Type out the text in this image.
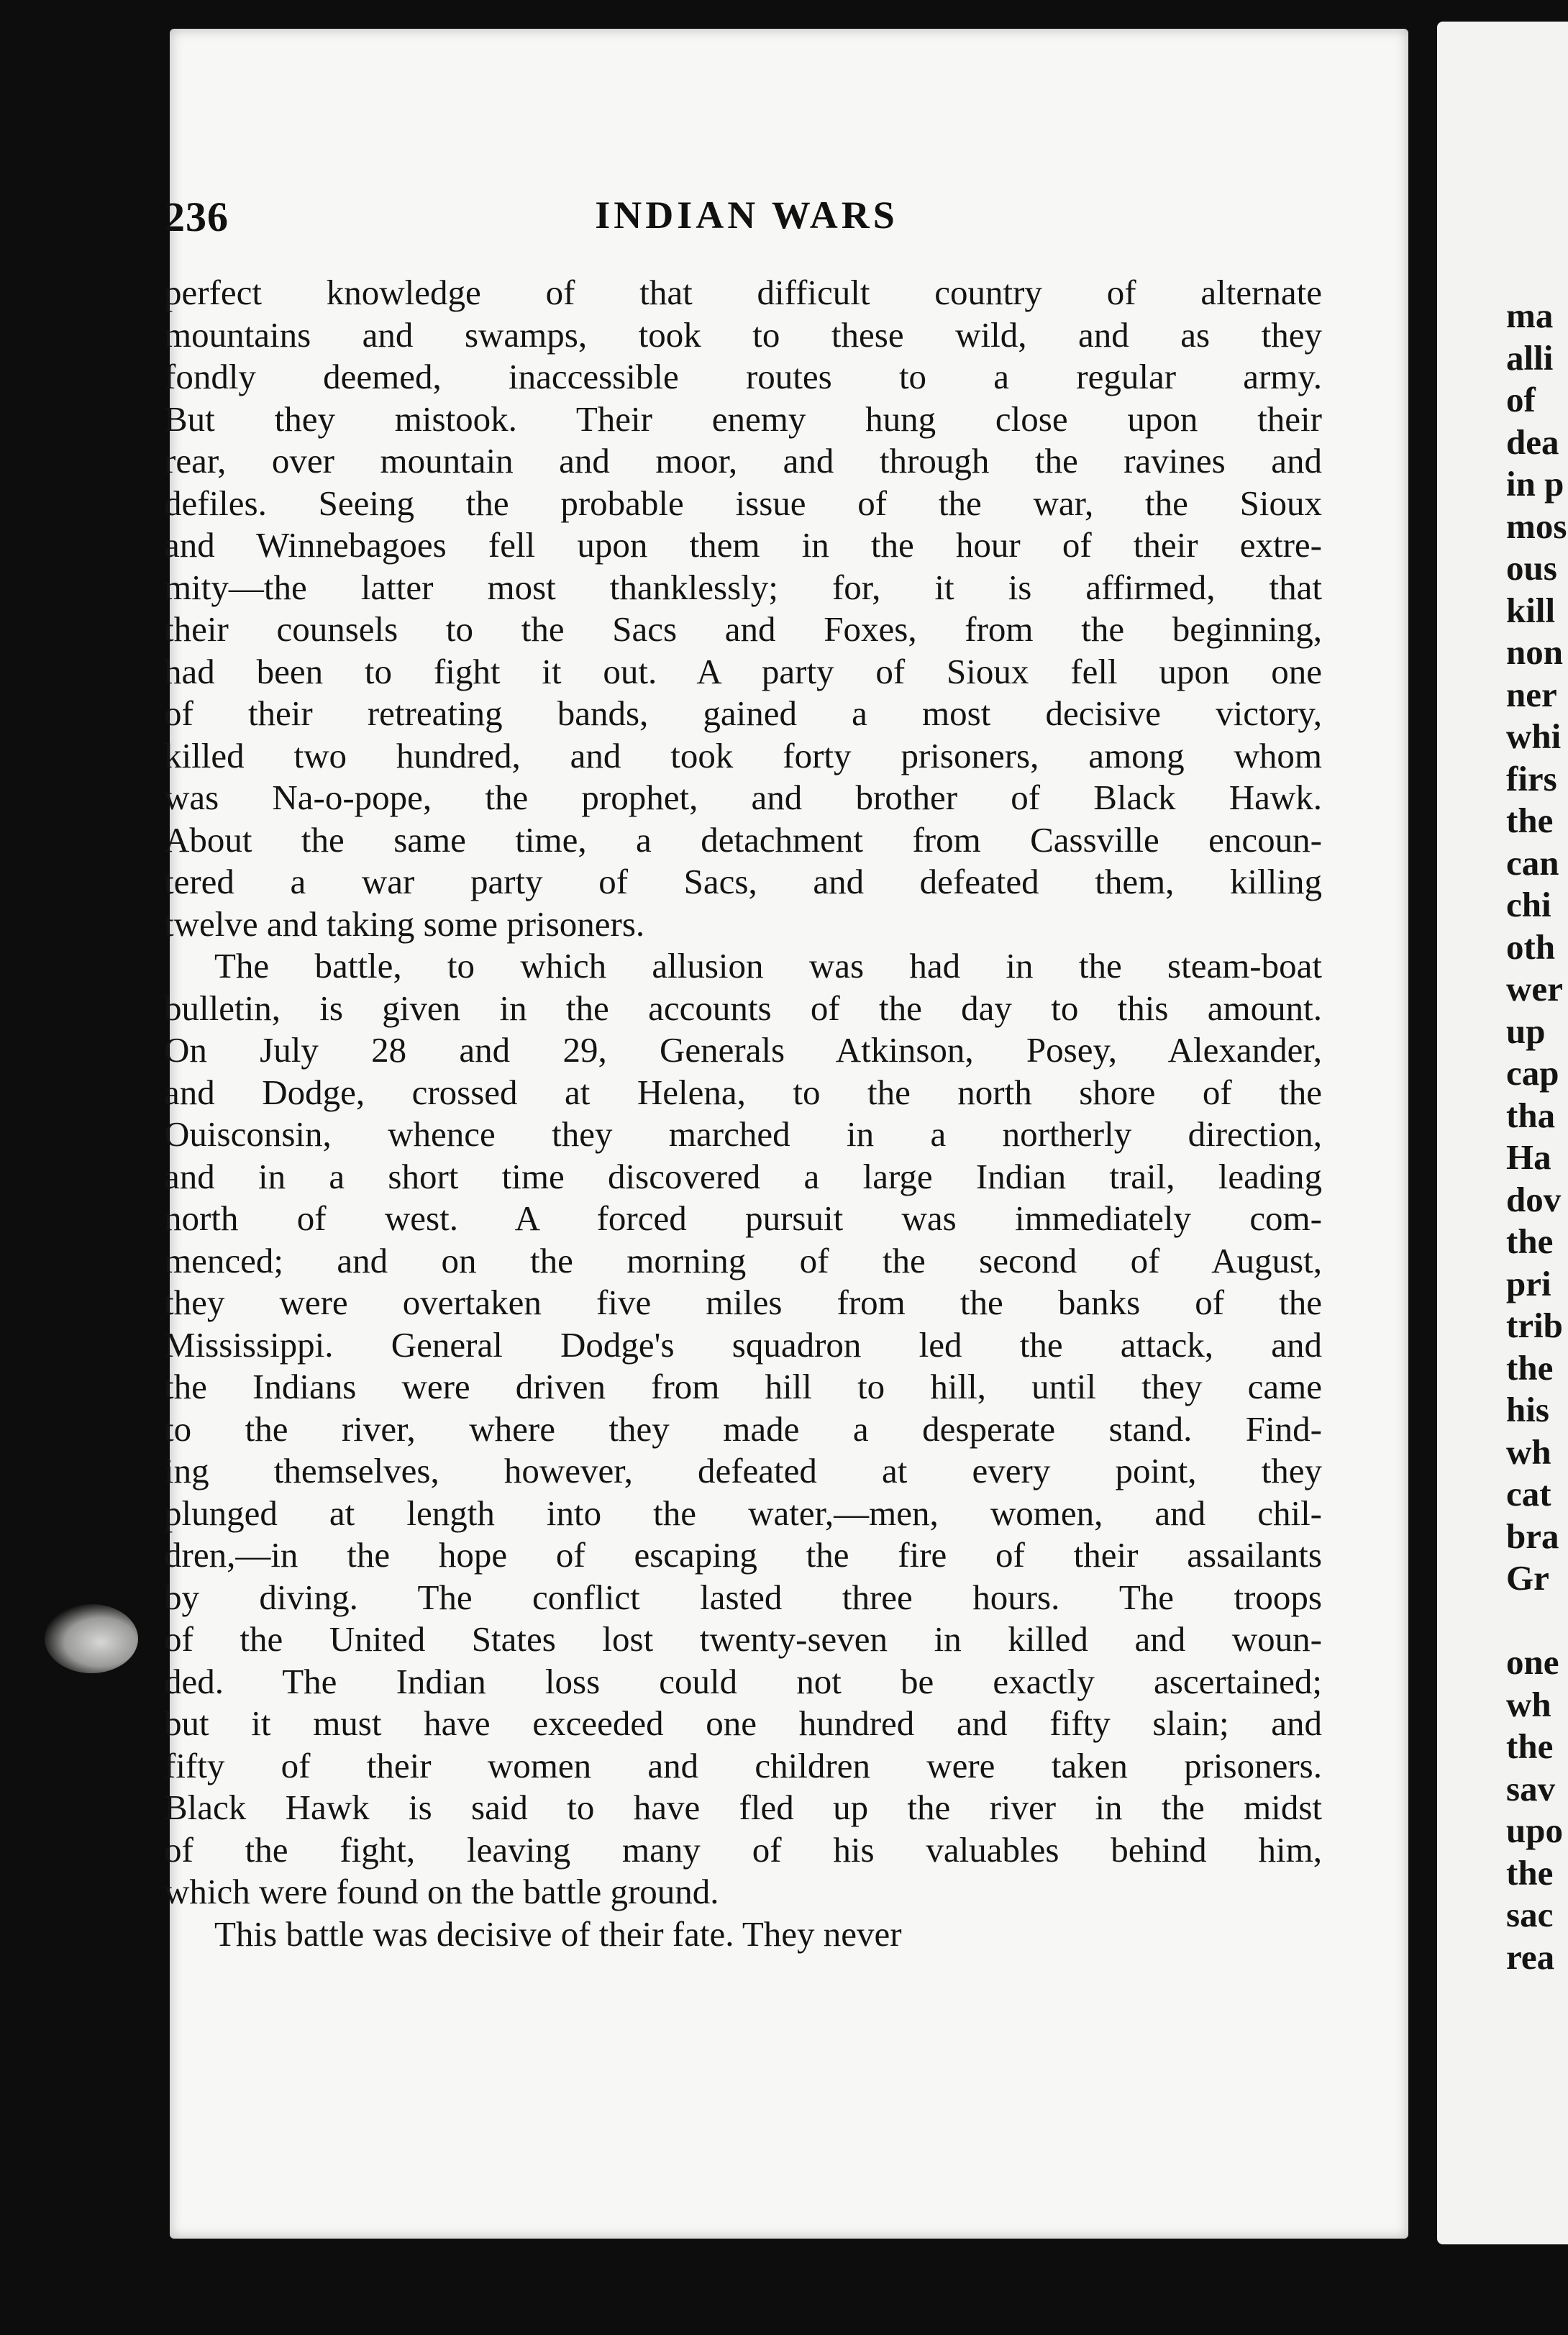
236	INDIAN WARS
perfect knowledge of that difficult country of alternate
mountains and swamps, took to these wild, and as they
fondly deemed, inaccessible routes to a regular army.
But they mistook. Their enemy hung close upon their
rear, over mountain and moor, and through the ravines and
defiles. Seeing the probable issue of the war, the Sioux
and Winnebagoes fell upon them in the hour of their extre-
mity—the latter most thanklessly; for, it is affirmed, that
their counsels to the Sacs and Foxes, from the beginning,
had been to fight it out. A party of Sioux fell upon one
of their retreating bands, gained a most decisive victory,
killed two hundred, and took forty prisoners, among whom
was Na-o-pope, the prophet, and brother of Black Hawk.
About the same time, a detachment from Cassville encoun-
tered a war party of Sacs, and defeated them, killing
twelve and taking some prisoners.
The battle, to which allusion was had in the steam-boat
bulletin, is given in the accounts of the day to this amount.
On July 28 and 29, Generals Atkinson, Posey, Alexander,
and Dodge, crossed at Helena, to the north shore of the
Ouisconsin, whence they marched in a northerly direction,
and in a short time discovered a large Indian trail, leading
north of west. A forced pursuit was immediately com-
menced; and on the morning of the second of August,
they were overtaken five miles from the banks of the
Mississippi. General Dodge's squadron led the attack, and
the Indians were driven from hill to hill, until they came
to the river, where they made a desperate stand. Find-
ing themselves, however, defeated at every point, they
plunged at length into the water,—men, women, and chil-
dren,—in the hope of escaping the fire of their assailants
by diving. The conflict lasted three hours. The troops
of the United States lost twenty-seven in killed and woun-
ded. The Indian loss could not be exactly ascertained;
but it must have exceeded one hundred and fifty slain; and
fifty of their women and children were taken prisoners.
Black Hawk is said to have fled up the river in the midst
of the fight, leaving many of his valuables behind him,
which were found on the battle ground.
This battle was decisive of their fate. They never
ma
alli
of
dea
in p
mos
ous
kill
non
ner
whi
firs
the
can
chi
oth
wer
up
cap
tha
Ha
dov
the
pri
trib
the
his
wh
cat
bra
Gr
one
wh
the
sav
upo
the
sac
rea
